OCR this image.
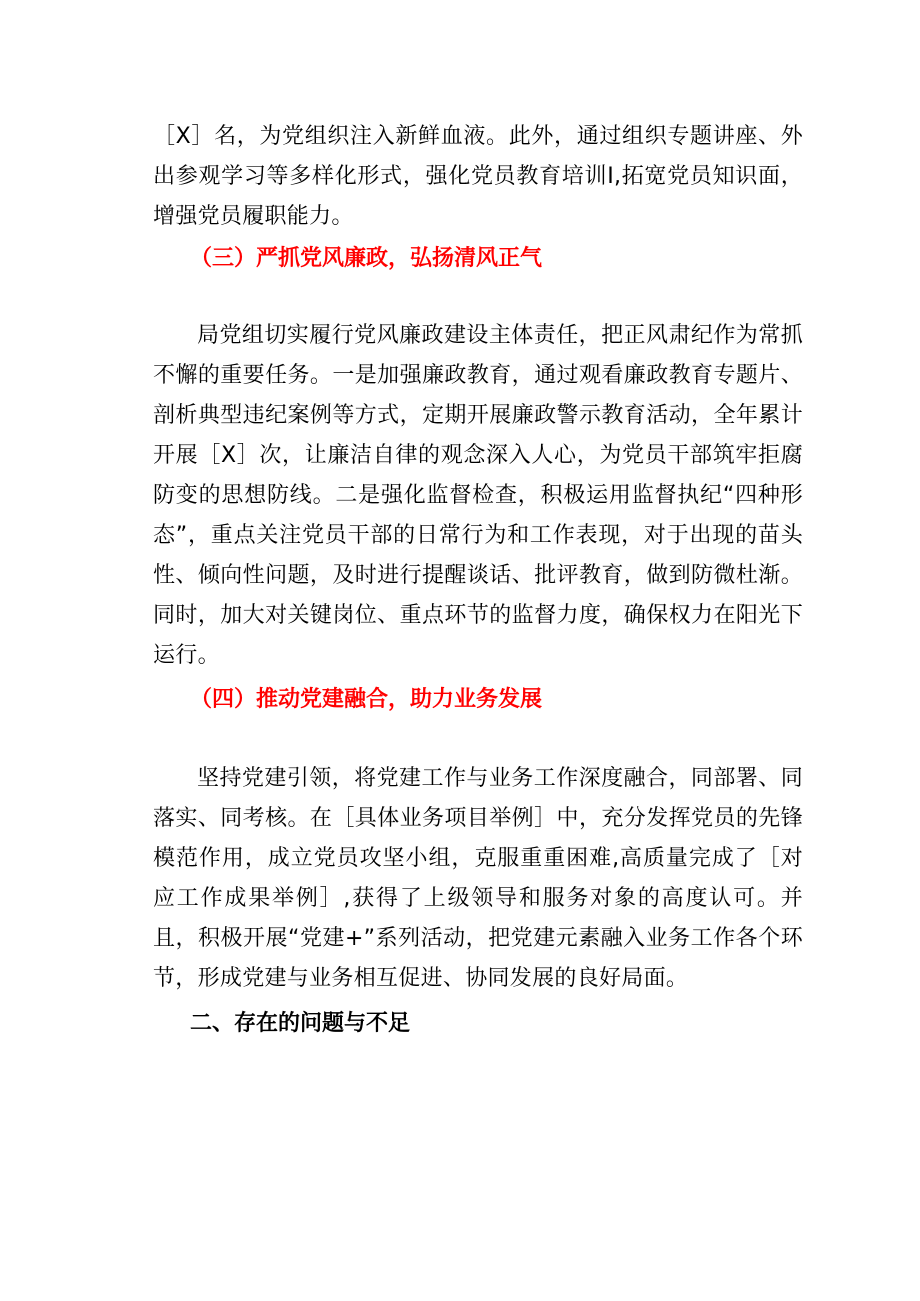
［X］名，为党组织注入新鲜血液。此外，通过组织专题讲座、外出参观学习等多样化形式，强化党员教育培训I,拓宽党员知识面，增强党员履职能力。
（三）严抓党风廉政，弘扬清风正气
局党组切实履行党风廉政建设主体责任，把正风肃纪作为常抓不懈的重要任务。一是加强廉政教育，通过观看廉政教育专题片、剖析典型违纪案例等方式，定期开展廉政警示教育活动，全年累计开展［X］次，让廉洁自律的观念深入人心，为党员干部筑牢拒腐防变的思想防线。二是强化监督检查，积极运用监督执纪“四种形态”，重点关注党员干部的日常行为和工作表现，对于出现的苗头性、倾向性问题，及时进行提醒谈话、批评教育，做到防微杜渐。同时，加大对关键岗位、重点环节的监督力度，确保权力在阳光下运行。
（四）推动党建融合，助力业务发展
坚持党建引领，将党建工作与业务工作深度融合，同部署、同落实、同考核。在［具体业务项目举例］中，充分发挥党员的先锋模范作用，成立党员攻坚小组，克服重重困难,高质量完成了［对应工作成果举例］,获得了上级领导和服务对象的高度认可。并且，积极开展“党建+”系列活动，把党建元素融入业务工作各个环节，形成党建与业务相互促进、协同发展的良好局面。
二、存在的问题与不足
